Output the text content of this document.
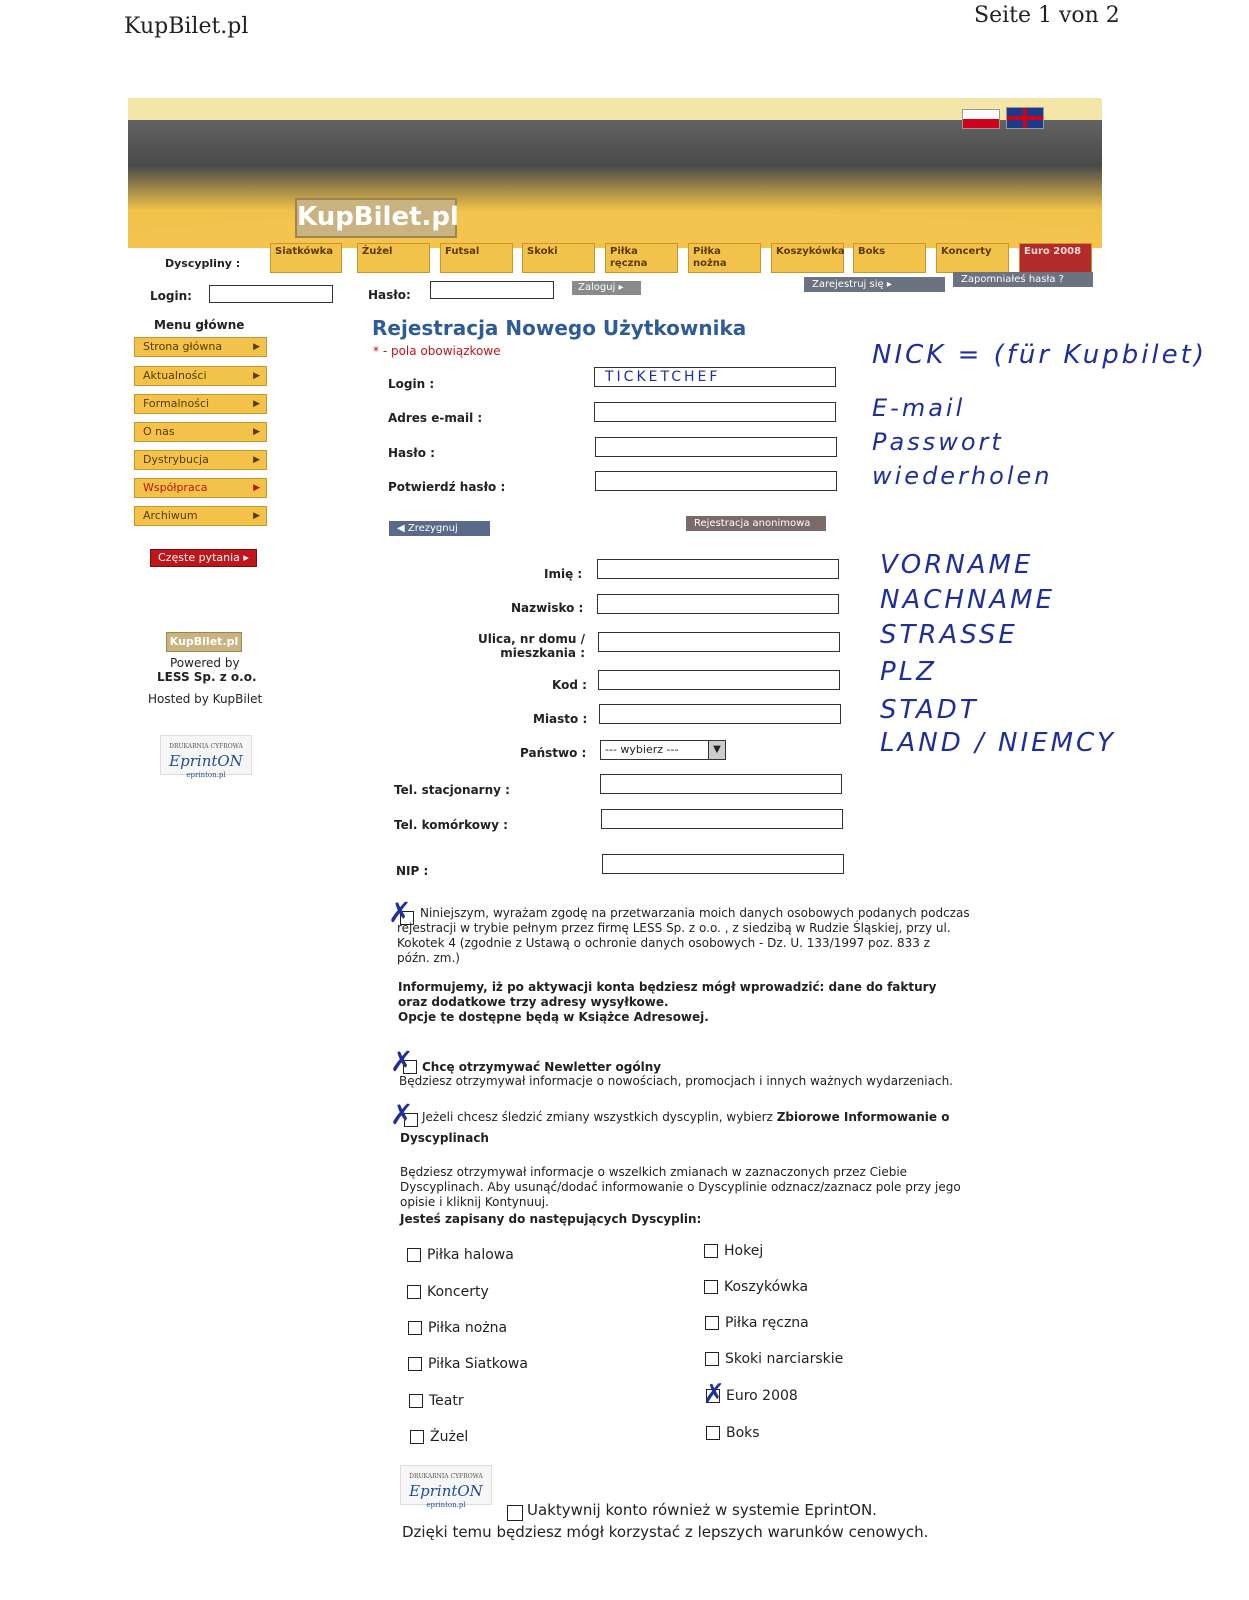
KupBilet.pl	Seite 1 von 2
KupBilet.pl
Dyscypliny :
Siatkówka	Żużel	Futsal	Skoki	Piłka ręczna
Piłka nożna
Koszykówka	Boks	Koncerty	Euro 2008
Login:	Hasło:
Zaloguj ▸	Zarejestruj się ▸	Zapomniałeś hasła ?
Menu główne
Strona główna	▶
Aktualności	▶
Formalności	▶
O nas	▶
Dystrybucja	▶
Współpraca	▶
Archiwum	▶
Częste pytania ▸
KupBilet.pl
Powered by
LESS Sp. z o.o.
Hosted by KupBilet
DRUKARNIA CYFROWA
EprintON
eprinton.pl
Rejestracja Nowego Użytkownika
* - pola obowiązkowe
Login :	TICKETCHEF
Adres e-mail :
Hasło :
Potwierdź hasło :
◀ Zrezygnuj	Rejestracja anonimowa ▸
Imię :
Nazwisko :
Ulica, nr domu /
mieszkania :
Kod :
Miasto :
Państwo :	--- wybierz ---	▼
Tel. stacjonarny :
Tel. komórkowy :
NIP :
✗ Niniejszym, wyrażam zgodę na przetwarzania moich danych osobowych podanych podczas
rejestracji w trybie pełnym przez firmę LESS Sp. z o.o. , z siedzibą w Rudzie Śląskiej, przy ul.
Kokotek 4 (zgodnie z Ustawą o ochronie danych osobowych - Dz. U. 133/1997 poz. 833 z
późn. zm.)
Informujemy, iż po aktywacji konta będziesz mógł wprowadzić: dane do faktury
oraz dodatkowe trzy adresy wysyłkowe.
Opcje te dostępne będą w Książce Adresowej.
✗ Chcę otrzymywać Newletter ogólny
Będziesz otrzymywał informacje o nowościach, promocjach i innych ważnych wydarzeniach.
✗ Jeżeli chcesz śledzić zmiany wszystkich dyscyplin, wybierz Zbiorowe Informowanie o
Dyscyplinach
Będziesz otrzymywał informacje o wszelkich zmianach w zaznaczonych przez Ciebie
Dyscyplinach. Aby usunąć/dodać informowanie o Dyscyplinie odznacz/zaznacz pole przy jego
opisie i kliknij Kontynuuj.
Jesteś zapisany do następujących Dyscyplin:
Piłka halowa
Koncerty
Piłka nożna
Piłka Siatkowa
Teatr
Żużel
Hokej
Koszykówka
Piłka ręczna
Skoki narciarskie
✗ Euro 2008
Boks
DRUKARNIA CYFROWA
EprintON
eprinton.pl	Uaktywnij konto również w systemie EprintON.
Dzięki temu będziesz mógł korzystać z lepszych warunków cenowych.
NICK = (für Kupbilet)
E-mail
Passwort
wiederholen
VORNAME
NACHNAME
STRASSE
PLZ
STADT
LAND / NIEMCY
